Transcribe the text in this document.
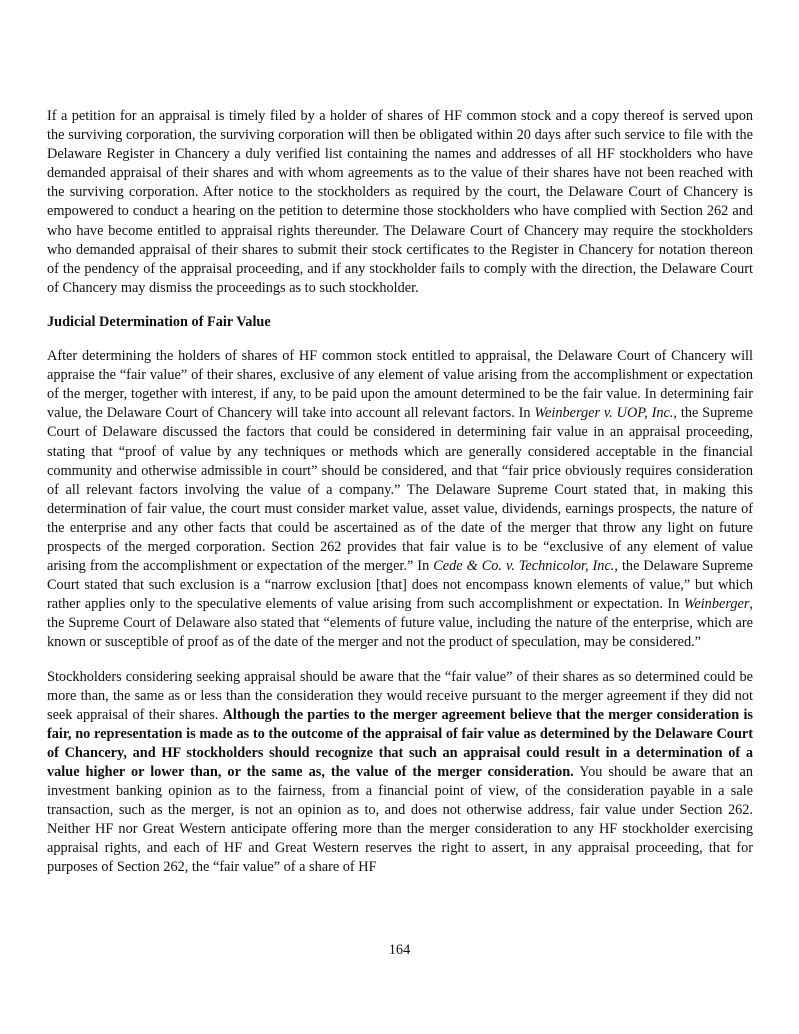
If a petition for an appraisal is timely filed by a holder of shares of HF common stock and a copy thereof is served upon the surviving corporation, the surviving corporation will then be obligated within 20 days after such service to file with the Delaware Register in Chancery a duly verified list containing the names and addresses of all HF stockholders who have demanded appraisal of their shares and with whom agreements as to the value of their shares have not been reached with the surviving corporation. After notice to the stockholders as required by the court, the Delaware Court of Chancery is empowered to conduct a hearing on the petition to determine those stockholders who have complied with Section 262 and who have become entitled to appraisal rights thereunder. The Delaware Court of Chancery may require the stockholders who demanded appraisal of their shares to submit their stock certificates to the Register in Chancery for notation thereon of the pendency of the appraisal proceeding, and if any stockholder fails to comply with the direction, the Delaware Court of Chancery may dismiss the proceedings as to such stockholder.

Judicial Determination of Fair Value

After determining the holders of shares of HF common stock entitled to appraisal, the Delaware Court of Chancery will appraise the “fair value” of their shares, exclusive of any element of value arising from the accomplishment or expectation of the merger, together with interest, if any, to be paid upon the amount determined to be the fair value. In determining fair value, the Delaware Court of Chancery will take into account all relevant factors. In Weinberger v. UOP, Inc., the Supreme Court of Delaware discussed the factors that could be considered in determining fair value in an appraisal proceeding, stating that “proof of value by any techniques or methods which are generally considered acceptable in the financial community and otherwise admissible in court” should be considered, and that “fair price obviously requires consideration of all relevant factors involving the value of a company.” The Delaware Supreme Court stated that, in making this determination of fair value, the court must consider market value, asset value, dividends, earnings prospects, the nature of the enterprise and any other facts that could be ascertained as of the date of the merger that throw any light on future prospects of the merged corporation. Section 262 provides that fair value is to be “exclusive of any element of value arising from the accomplishment or expectation of the merger.” In Cede & Co. v. Technicolor, Inc., the Delaware Supreme Court stated that such exclusion is a “narrow exclusion [that] does not encompass known elements of value,” but which rather applies only to the speculative elements of value arising from such accomplishment or expectation. In Weinberger, the Supreme Court of Delaware also stated that “elements of future value, including the nature of the enterprise, which are known or susceptible of proof as of the date of the merger and not the product of speculation, may be considered.”

Stockholders considering seeking appraisal should be aware that the “fair value” of their shares as so determined could be more than, the same as or less than the consideration they would receive pursuant to the merger agreement if they did not seek appraisal of their shares. Although the parties to the merger agreement believe that the merger consideration is fair, no representation is made as to the outcome of the appraisal of fair value as determined by the Delaware Court of Chancery, and HF stockholders should recognize that such an appraisal could result in a determination of a value higher or lower than, or the same as, the value of the merger consideration. You should be aware that an investment banking opinion as to the fairness, from a financial point of view, of the consideration payable in a sale transaction, such as the merger, is not an opinion as to, and does not otherwise address, fair value under Section 262. Neither HF nor Great Western anticipate offering more than the merger consideration to any HF stockholder exercising appraisal rights, and each of HF and Great Western reserves the right to assert, in any appraisal proceeding, that for purposes of Section 262, the “fair value” of a share of HF

164
